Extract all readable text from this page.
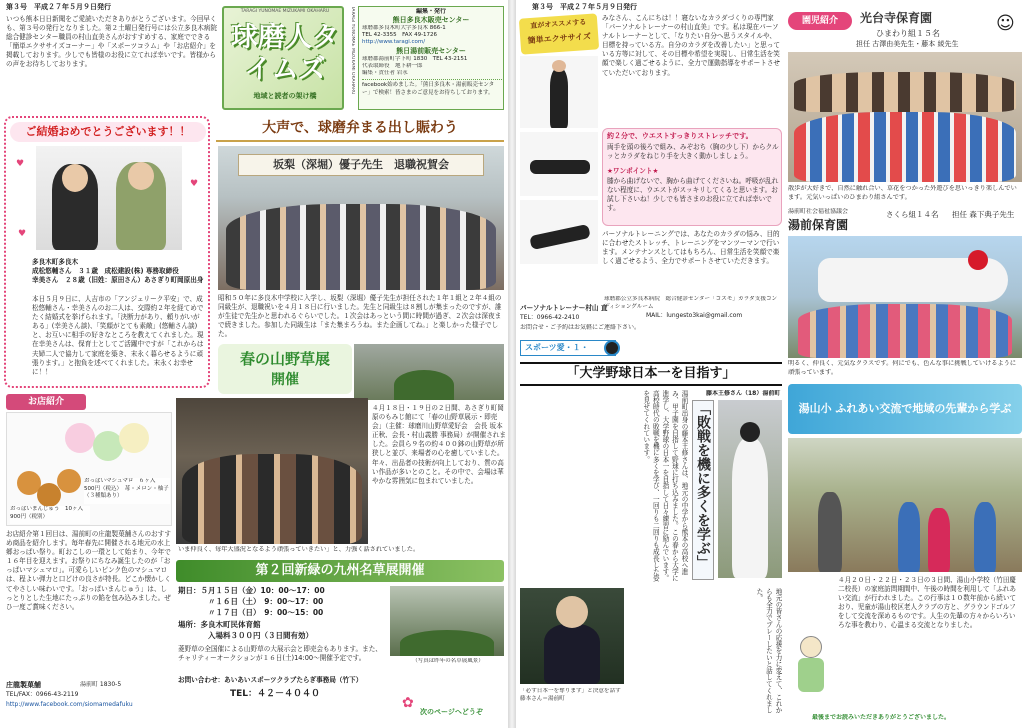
第３号　平成２７年５月９日発行
いつも熊本日日新聞をご愛読いただきありがとうございます。今回早くも、第３号の発行となりました。第２土曜日発行号には公立多良木病院 総合健診センター職員の村山直美さんがおすすめする、家庭でできる「簡単エクササイズコーナー」や「スポーツコラム」や「お店紹介」を掲載しております。少しでも皆様のお役に立てれば幸いです。皆様からの声をお待ちしております。
TARAGI YUNOMAE MIZUKAMI OKAHARU
球磨人タイムズ
地域と読者の架け橋
TARAGI YUNOMAE MIZUKAMI OKAHARU	編集・発行
熊日多良木販売センター
球磨郡多良木町大字多良木 866-1
TEL 42-3355　FAX 49-1726
http://www.taragi.com/
熊日湯前販売センター
球磨郡湯前町字下町 1830　TEL 43-2151
代表取締役　地下耕一郎
編集・責任者 岩永
facebook始めました。「熊日多良木・湯前販売センター」で検索！皆さまのご意見をお待ちしております。
ご結婚おめでとうございます！！
♥
♥
♥
多良木町多良木
成松悠輔さん　３１歳　成松建設(株) 専務取締役
幸美さん　２８歳（旧姓：原田さん）あさぎり町岡原出身
本日５月９日に、人吉市の「アンジェリーク平安」で、成松悠輔さん・幸美さんのお二人は、交際約２年を経てめでたく結婚式を挙げられます。「決断力があり、頼りがいがある」(幸美さん談)、「笑顔がとても素敵」(悠輔さん談) と、お互いに相手の好きなところを教えてくれました。現在幸美さんは、保育士としてご活躍中ですが「これからは夫婦二人で協力して家庭を築き、末永く暮らせるように頑張ります。」と抱負を述べてくれました。末永くお幸せに！！
大声で、球磨弁まる出し賑わう
坂梨（深堀）優子先生　退職祝賀会
昭和５０年に多良木中学校に入学し、坂梨（深堀）優子先生が担任された１年１組と２年４組の同級生が、退職祝いを４月１８日に行いました。先生と同級生は８割しが集まったのですが、誰が生徒で先生かと思われるぐらいでした。１次会はあっという間に時間が過ぎ、２次会は深夜まで続きました。参加した同級生は「また集まろうね。また企画してね。」と楽しかった様子でした。
春の山野草展
開催
４月１８日・１９日の２日間、あさぎり町岡原のもみじ館にて「春の山野草展示・即売会」（主催：球磨川山野草愛好会　会長 坂本正秋、会長・村山義勝 事務局）が開催されました。会員ら９名の約４００鉢の山野草が所狭しと並び、来場者の心を癒していました。年々、出品者の技術が向上しており、質の高い作品が多いとのこと。その中で、会場は華やかな雰囲気に包まれていました。
いま仲良く、毎年大盛況となるよう頑張っていきたい」と、力強く話されていました。
お店紹介
おっぱいマシュマロ　６ヶ入　500円（税込）　苺・メロン・柚子（３種類あり）
おっぱいまんじゅう　10ヶ入　900円（税別）
お店紹介第１回目は、湯前町の庄龍製菓舗さんのおすすめ商品を紹介します。毎年春先に開催される地元の水上郷おっぱい祭り。町おこしの一環として始まり、今年で１６年目を迎えます。お祭りにちなみ誕生したのが「おっぱいマシュマロ」。可愛らしいピンク色のマシュマロは、程よい弾力と口どけの良さが特長。どこか懐かしくてやさしい味わいです。「おっぱいまんじゅう」は、しっとりとした生地にたっぷりの餡を包み込みました。ぜひ一度ご賞味ください。
庄龍製菓舗	湯前町 1830-5
TEL/FAX：0966-43-2119
http://www.facebook.com/siomamedafuku
第２回新緑の九州名草展開催
期日：５月１５日（金）10：00～17：00
〃１６日（土）　9：00～17：00
〃１７日（日）　9：00～15：00
場所：多良木町民体育館
入場料３００円（３日間有効）
菱野草の全国催による山野草の大展示会と即売会もあります。また、チャリティーオークションが１６日(土)14:00～開催予定です。
お問い合わせ：あいあいスポーツクラブたらぎ事務局（竹下）
TEL：４２－４０４０
（写真は昨年の名草展風景）
次のページへどうぞ
✿
第３号　平成２７年５月９日発行
直がオススメする
簡単エクササイズ
みなさん、こんにちは！！寝ないなカラダづくりの専門家「パーソナルトレーナーの村山直美」です。私は現在パーソナルトレーナーとして、「なりたい自分へ思うスタイルや、目標を持っている方。自分のカラダを改善したい」と思っている方等に対して、その目標や希望を実現し、日常生活を笑顔で楽しく過ごせるように、全力で運動指導をサポートさせていただいております。
約２分で、ウエストすっきりストレッチです。
両手を頭の後ろで組み、みぞおち（胸の少し下）からクルッとカラダをねじり手を大きく動かしましょう。
★ワンポイント★
膝から曲げないで、胸から曲げてくださいね。呼吸が乱れない程度に、ウエストがスッキリしてくると思います。お試し下さいね！少しでも皆さまのお役に立てれば幸いです。
パーソナルトレーニングでは、あなたのカラダの悩み、目的に合わせたストレッチ、トレーニングをマンツーマンで行います。メンテナンスとしてはもちろん、日常生活を笑顔で楽しく過ごせるよう、全力でサポートさせていただきます。
パーソナルトレーナー村山 直
球磨郡公立多良木病院　総合健診センター「コスモ」カラダ支援コンディショングルーム
MAIL：lungesto3kai@gmail.com
TEL：0966-42-2410
お問合せ・ご予約はお気軽にご連絡下さい。
園児紹介	光台寺保育園
ひまわり組１５名
担任 古澤由美先生・藤本 綾先生
☺
散歩が大好きで、自然に触れ合い、草花をつかった外遊びを思いっきり楽しんでいます。元気いっぱいのひまわり組さんです。
湯前町社会福祉協議会
湯前保育園
さくら組１４名	担任 森下典子先生
明るく、仲良く、元気なクラスです。何にでも、色んな事に挑戦していけるように頑張っています。
スポーツ愛・１・
「大学野球日本一を目指す」
藤本王修さん（18）湯前町
湯前町出身の藤本王修さんは、地元の中学から熊本の高校へ進み、甲子園を目指して野球に打ち込みました。この春から大学に進学し、大学野球の日本一を目指して日々練習に励んでいます。高校時代の敗戦を機に多くを学び、一回りも二回りも成長した姿を見せてくれています。	「敗戦を機に多くを学ぶ」
「必ず日本一を奪ります」と決意を話す藤本さん＝湯前町	地元の皆さんの応援を力に変えて、これからも全力でプレーしたいと話してくれました。
湯山小 ふれあい交流で地域の先輩から学ぶ
４月２０日・２２日・２３日の３日間、湯山小学校（竹田慶二校長）の家庭訪問期間中、午後の時間を利用して「ふれあい交流」が行われました。この行事は１０数年前から続いており、児童が湯山校区老人クラブの方と、グラウンドゴルフをして交流を深めるものです。人生の先輩の方々からいろいろな事を教わり、心温まる交流となりました。
最後までお読みいただきありがとうございました。
